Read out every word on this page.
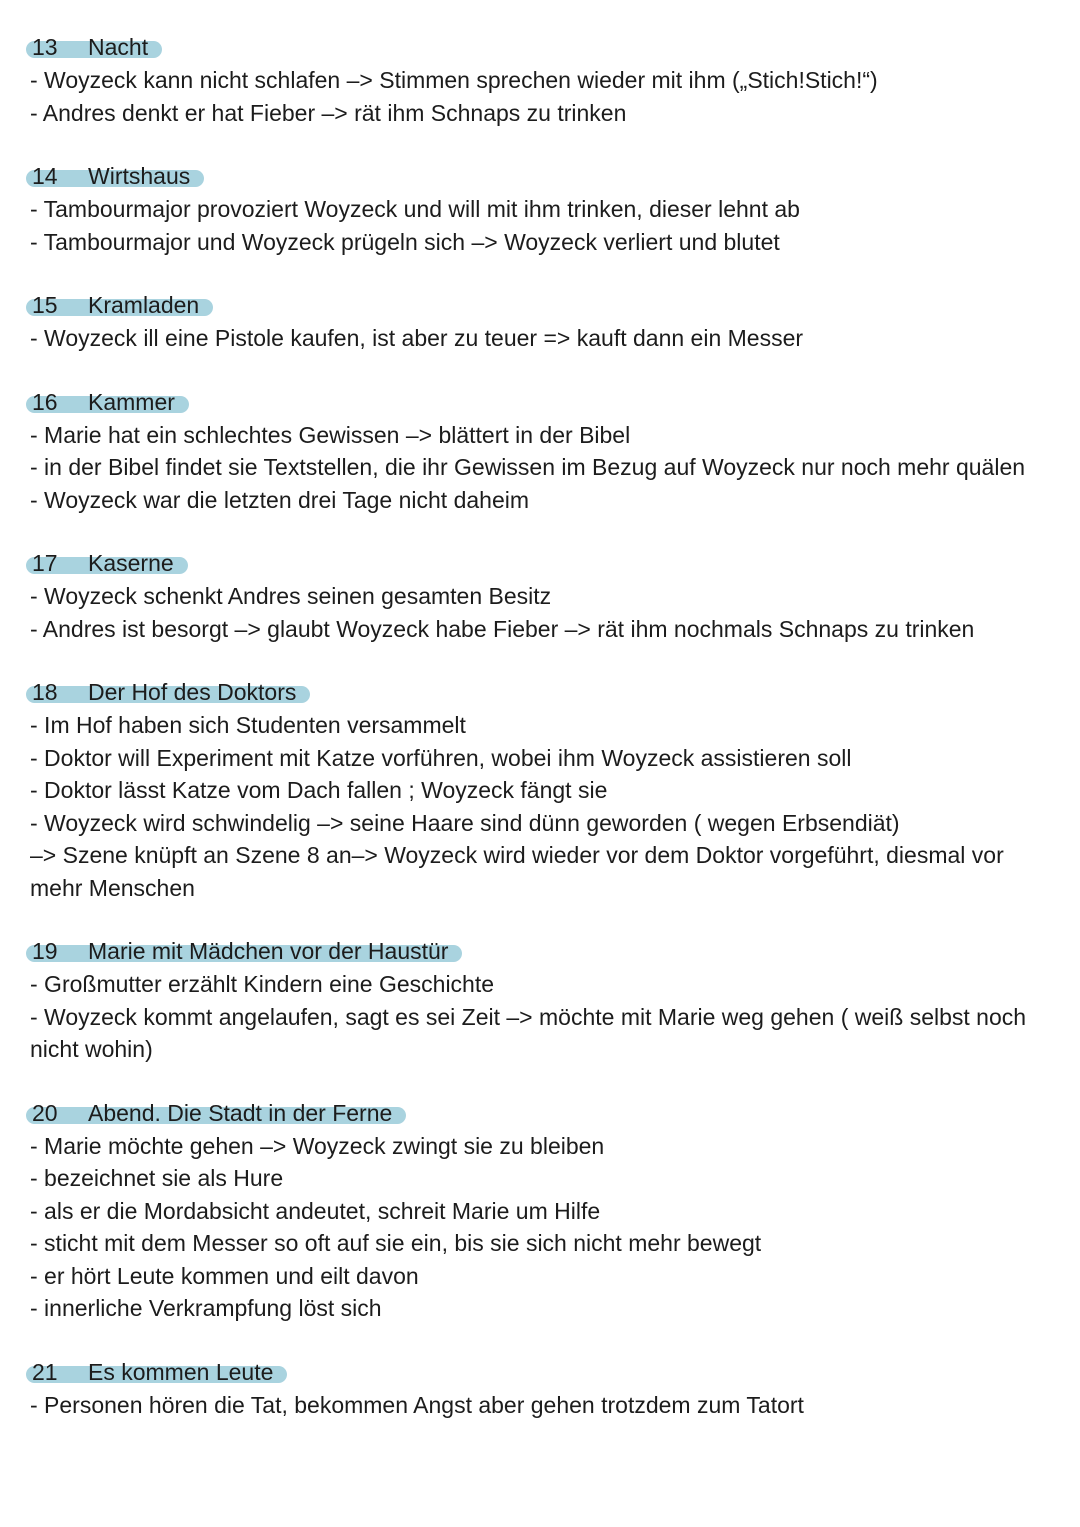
13 Nacht
- Woyzeck kann nicht schlafen –> Stimmen sprechen wieder mit ihm („Stich!Stich!“)
- Andres denkt er hat Fieber –> rät ihm Schnaps zu trinken
14 Wirtshaus
- Tambourmajor provoziert Woyzeck und will mit ihm trinken, dieser lehnt ab
- Tambourmajor und Woyzeck prügeln sich –> Woyzeck verliert und blutet
15 Kramladen
- Woyzeck ill eine Pistole kaufen, ist aber zu teuer => kauft dann ein Messer
16 Kammer
- Marie hat ein schlechtes Gewissen –> blättert in der Bibel
- in der Bibel findet sie Textstellen, die ihr Gewissen im Bezug auf Woyzeck nur noch mehr quälen
- Woyzeck war die letzten drei Tage nicht daheim
17 Kaserne
- Woyzeck schenkt Andres seinen gesamten Besitz
- Andres ist besorgt –> glaubt Woyzeck habe Fieber –> rät ihm nochmals Schnaps zu trinken
18 Der Hof des Doktors
- Im Hof haben sich Studenten versammelt
- Doktor will Experiment mit Katze vorführen, wobei ihm Woyzeck assistieren soll
- Doktor lässt Katze vom Dach fallen ; Woyzeck fängt sie
- Woyzeck wird schwindelig –> seine Haare sind dünn geworden ( wegen Erbsendiät)
–> Szene knüpft an Szene 8 an–> Woyzeck wird wieder vor dem Doktor vorgeführt, diesmal vor mehr Menschen
19 Marie mit Mädchen vor der Haustür
- Großmutter erzählt Kindern eine Geschichte
- Woyzeck kommt angelaufen, sagt es sei Zeit –> möchte mit Marie weg gehen ( weiß selbst noch nicht wohin)
20 Abend. Die Stadt in der Ferne
- Marie möchte gehen –> Woyzeck zwingt sie zu bleiben
- bezeichnet sie als Hure
- als er die Mordabsicht andeutet, schreit Marie um Hilfe
- sticht mit dem Messer so oft auf sie ein, bis sie sich nicht mehr bewegt
- er hört Leute kommen und eilt davon
- innerliche Verkrampfung löst sich
21 Es kommen Leute
- Personen hören die Tat, bekommen Angst aber gehen trotzdem zum Tatort
